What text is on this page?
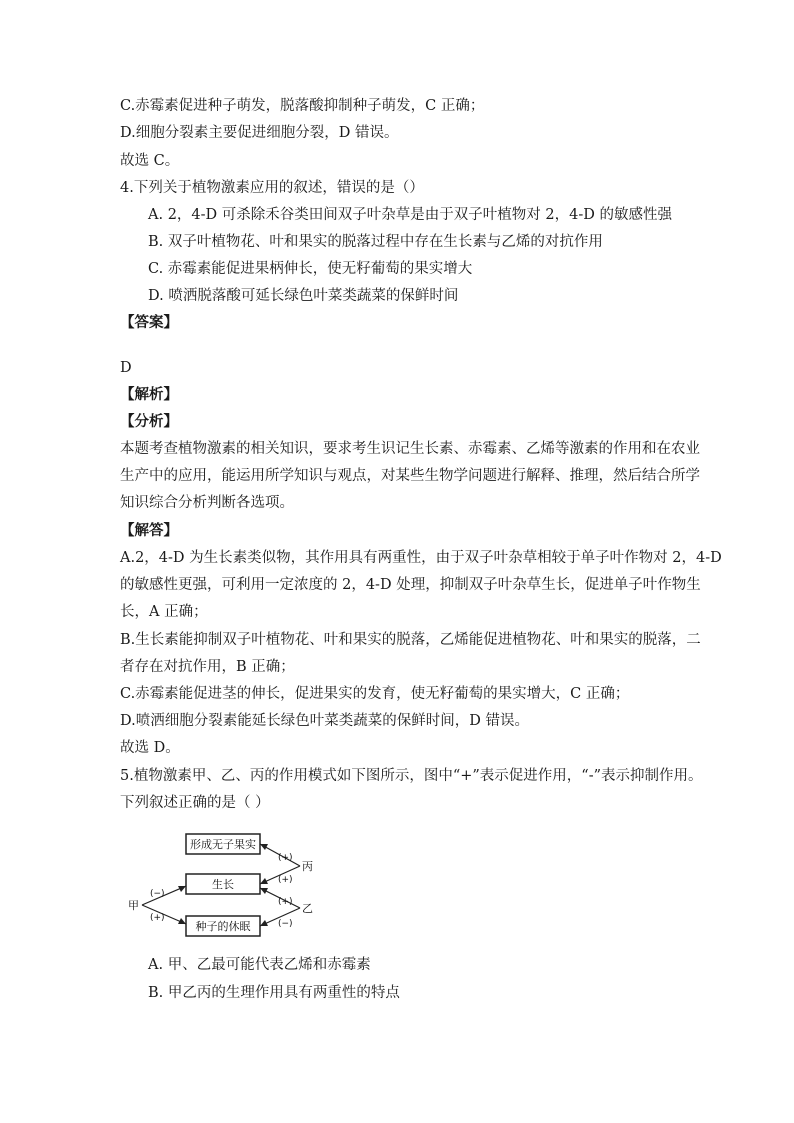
C.赤霉素促进种子萌发，脱落酸抑制种子萌发，C 正确；
D.细胞分裂素主要促进细胞分裂，D 错误。
故选 C。
4.下列关于植物激素应用的叙述，错误的是（）
A. 2，4-D 可杀除禾谷类田间双子叶杂草是由于双子叶植物对 2，4-D 的敏感性强
B. 双子叶植物花、叶和果实的脱落过程中存在生长素与乙烯的对抗作用
C. 赤霉素能促进果柄伸长，使无籽葡萄的果实增大
D. 喷洒脱落酸可延长绿色叶菜类蔬菜的保鲜时间
【答案】
D
【解析】
【分析】
本题考查植物激素的相关知识，要求考生识记生长素、赤霉素、乙烯等激素的作用和在农业
生产中的应用，能运用所学知识与观点，对某些生物学问题进行解释、推理，然后结合所学
知识综合分析判断各选项。
【解答】
A.2，4-D 为生长素类似物，其作用具有两重性，由于双子叶杂草相较于单子叶作物对 2，4-D
的敏感性更强，可利用一定浓度的 2，4-D 处理，抑制双子叶杂草生长，促进单子叶作物生
长，A 正确；
B.生长素能抑制双子叶植物花、叶和果实的脱落，乙烯能促进植物花、叶和果实的脱落，二
者存在对抗作用，B 正确；
C.赤霉素能促进茎的伸长，促进果实的发育，使无籽葡萄的果实增大，C 正确；
D.喷洒细胞分裂素能延长绿色叶菜类蔬菜的保鲜时间，D 错误。
故选 D。
5.植物激素甲、乙、丙的作用模式如下图所示，图中“+”表示促进作用，“-”表示抑制作用。
下列叙述正确的是（ ）
形成无子果实
生长
种子的休眠
甲
(−)
(+)
丙
(+)
(+)
乙
(+)
(−)
A. 甲、乙最可能代表乙烯和赤霉素
B. 甲乙丙的生理作用具有两重性的特点
